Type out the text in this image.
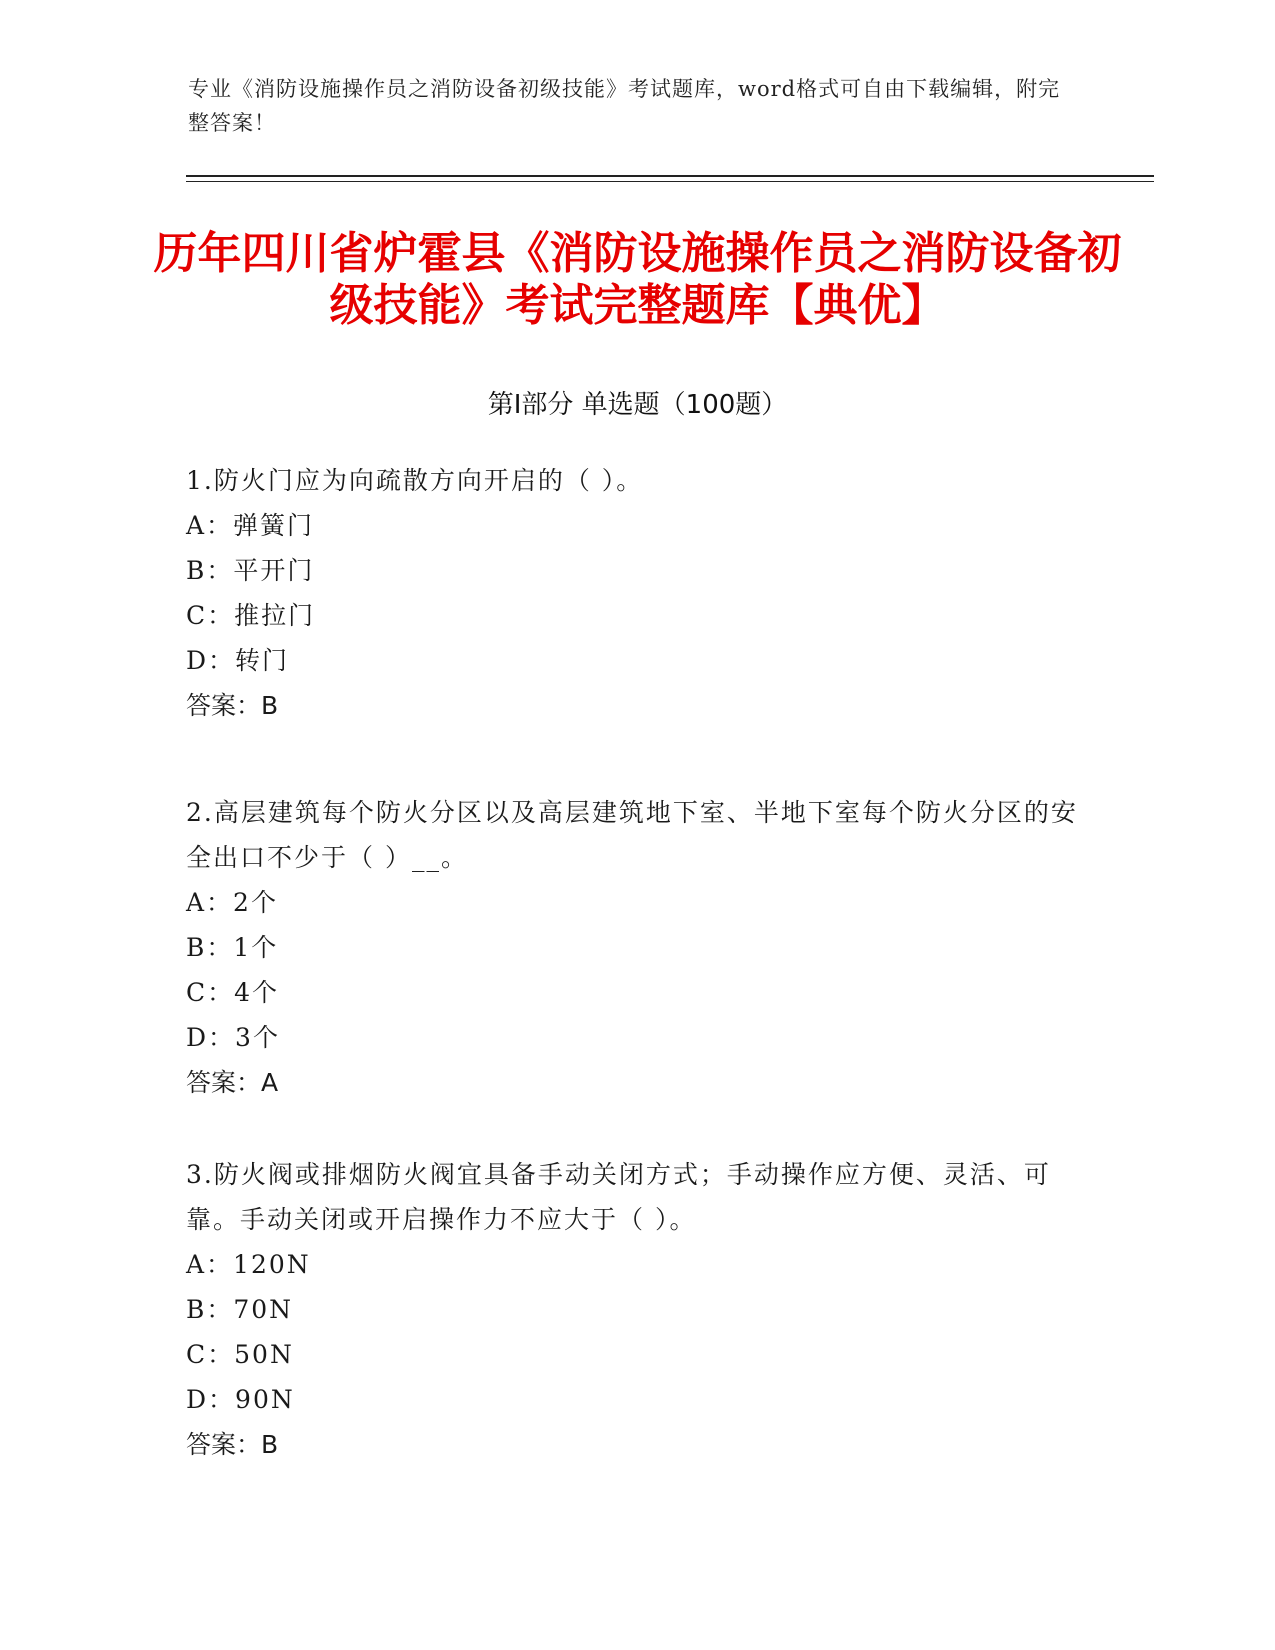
专业《消防设施操作员之消防设备初级技能》考试题库，word格式可自由下载编辑，附完整答案！
历年四川省炉霍县《消防设施操作员之消防设备初级技能》考试完整题库【典优】
第I部分 单选题（100题）

1.防火门应为向疏散方向开启的（ ）。

A：弹簧门

B：平开门

C：推拉门

D：转门

答案：B

2.高层建筑每个防火分区以及高层建筑地下室、半地下室每个防火分区的安全出口不少于（ ）__。

A：2个

B：1个

C：4个

D：3个

答案：A

3.防火阀或排烟防火阀宜具备手动关闭方式；手动操作应方便、灵活、可靠。手动关闭或开启操作力不应大于（ ）。

A：120N

B：70N

C：50N

D：90N

答案：B
